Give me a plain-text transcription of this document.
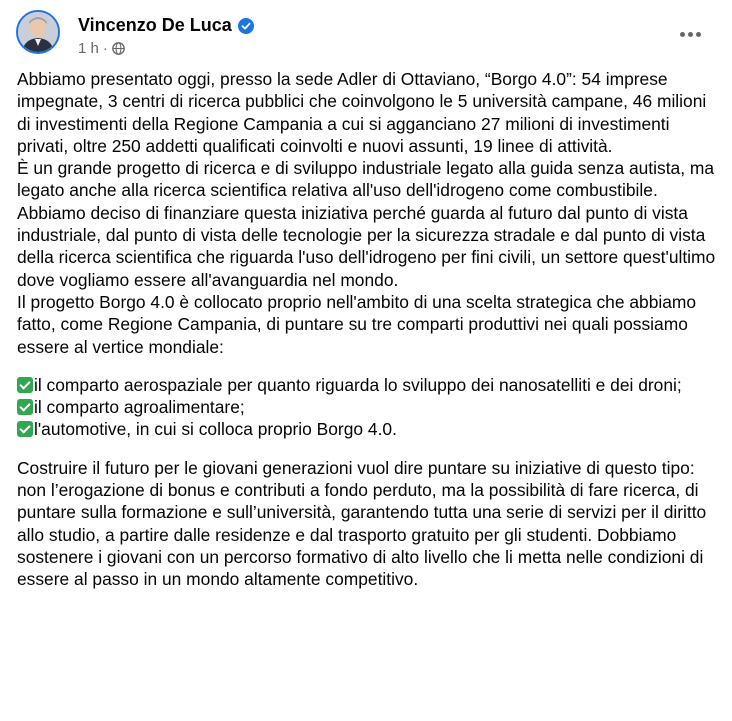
Vincenzo De Luca
1 h ·

Abbiamo presentato oggi, presso la sede Adler di Ottaviano, “Borgo 4.0”: 54 imprese impegnate, 3 centri di ricerca pubblici che coinvolgono le 5 università campane, 46 milioni di investimenti della Regione Campania a cui si agganciano 27 milioni di investimenti privati, oltre 250 addetti qualificati coinvolti e nuovi assunti, 19 linee di attività.

È un grande progetto di ricerca e di sviluppo industriale legato alla guida senza autista, ma legato anche alla ricerca scientifica relativa all'uso dell'idrogeno come combustibile.

Abbiamo deciso di finanziare questa iniziativa perché guarda al futuro dal punto di vista industriale, dal punto di vista delle tecnologie per la sicurezza stradale e dal punto di vista della ricerca scientifica che riguarda l'uso dell'idrogeno per fini civili, un settore quest'ultimo dove vogliamo essere all'avanguardia nel mondo.

Il progetto Borgo 4.0 è collocato proprio nell'ambito di una scelta strategica che abbiamo fatto, come Regione Campania, di puntare su tre comparti produttivi nei quali possiamo essere al vertice mondiale:

il comparto aerospaziale per quanto riguarda lo sviluppo dei nanosatelliti e dei droni;

il comparto agroalimentare;

l'automotive, in cui si colloca proprio Borgo 4.0.

Costruire il futuro per le giovani generazioni vuol dire puntare su iniziative di questo tipo: non l’erogazione di bonus e contributi a fondo perduto, ma la possibilità di fare ricerca, di puntare sulla formazione e sull’università, garantendo tutta una serie di servizi per il diritto allo studio, a partire dalle residenze e dal trasporto gratuito per gli studenti. Dobbiamo sostenere i giovani con un percorso formativo di alto livello che li metta nelle condizioni di essere al passo in un mondo altamente competitivo.
